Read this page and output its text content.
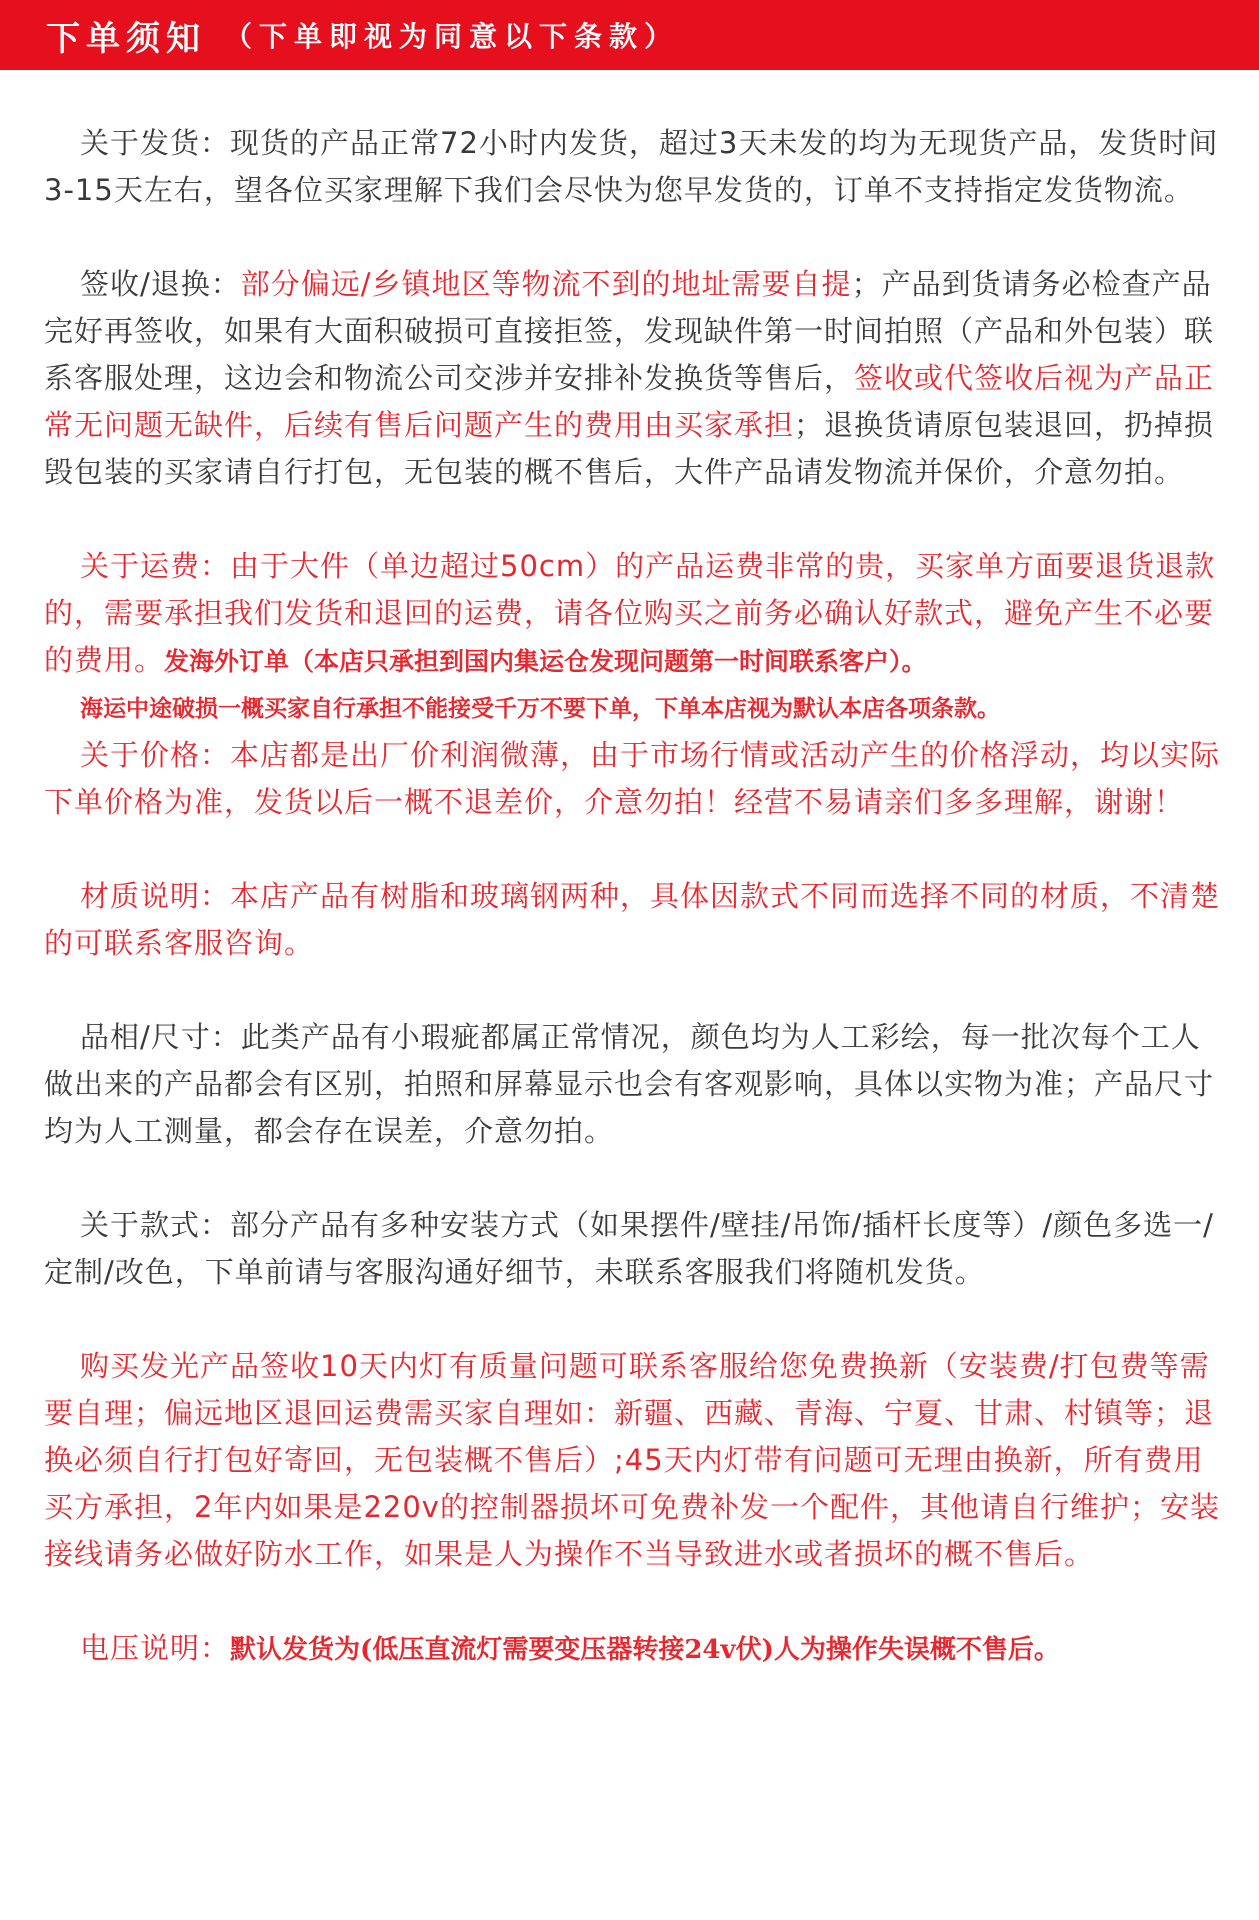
下单须知 （下单即视为同意以下条款）

关于发货：现货的产品正常72小时内发货，超过3天未发的均为无现货产品，发货时间3-15天左右，望各位买家理解下我们会尽快为您早发货的，订单不支持指定发货物流。

签收/退换：部分偏远/乡镇地区等物流不到的地址需要自提；产品到货请务必检查产品完好再签收，如果有大面积破损可直接拒签，发现缺件第一时间拍照（产品和外包装）联系客服处理，这边会和物流公司交涉并安排补发换货等售后，签收或代签收后视为产品正常无问题无缺件，后续有售后问题产生的费用由买家承担；退换货请原包装退回，扔掉损毁包装的买家请自行打包，无包装的概不售后，大件产品请发物流并保价，介意勿拍。

关于运费：由于大件（单边超过50cm）的产品运费非常的贵，买家单方面要退货退款的，需要承担我们发货和退回的运费，请各位购买之前务必确认好款式，避免产生不必要的费用。发海外订单（本店只承担到国内集运仓发现问题第一时间联系客户）。

海运中途破损一概买家自行承担不能接受千万不要下单，下单本店视为默认本店各项条款。

关于价格：本店都是出厂价利润微薄，由于市场行情或活动产生的价格浮动，均以实际下单价格为准，发货以后一概不退差价，介意勿拍！经营不易请亲们多多理解，谢谢！

材质说明：本店产品有树脂和玻璃钢两种，具体因款式不同而选择不同的材质，不清楚的可联系客服咨询。

品相/尺寸：此类产品有小瑕疵都属正常情况，颜色均为人工彩绘，每一批次每个工人做出来的产品都会有区别，拍照和屏幕显示也会有客观影响，具体以实物为准；产品尺寸均为人工测量，都会存在误差，介意勿拍。

关于款式：部分产品有多种安装方式（如果摆件/壁挂/吊饰/插杆长度等）/颜色多选一/定制/改色，下单前请与客服沟通好细节，未联系客服我们将随机发货。

购买发光产品签收10天内灯有质量问题可联系客服给您免费换新（安装费/打包费等需要自理；偏远地区退回运费需买家自理如：新疆、西藏、青海、宁夏、甘肃、村镇等；退换必须自行打包好寄回，无包装概不售后）;45天内灯带有问题可无理由换新，所有费用买方承担，2年内如果是220v的控制器损坏可免费补发一个配件，其他请自行维护；安装接线请务必做好防水工作，如果是人为操作不当导致进水或者损坏的概不售后。

电压说明：默认发货为(低压直流灯需要变压器转接24v伏)人为操作失误概不售后。
